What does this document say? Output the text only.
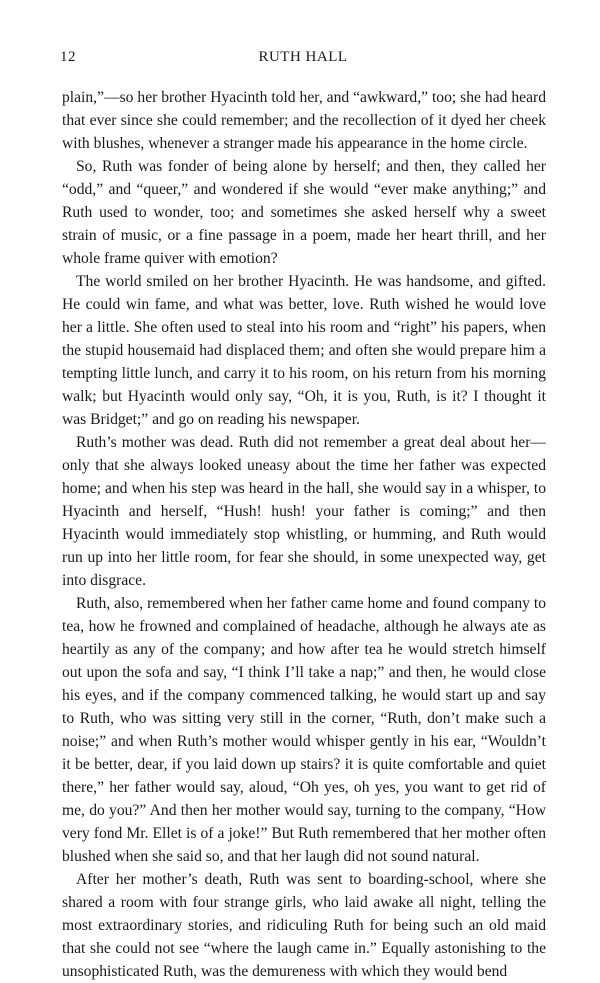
12	RUTH HALL

plain,”—so her brother Hyacinth told her, and “awkward,” too; she had heard that ever since she could remember; and the recollection of it dyed her cheek with blushes, whenever a stranger made his appearance in the home circle.

So, Ruth was fonder of being alone by herself; and then, they called her “odd,” and “queer,” and wondered if she would “ever make anything;” and Ruth used to wonder, too; and sometimes she asked herself why a sweet strain of music, or a fine passage in a poem, made her heart thrill, and her whole frame quiver with emotion?

The world smiled on her brother Hyacinth. He was handsome, and gifted. He could win fame, and what was better, love. Ruth wished he would love her a little. She often used to steal into his room and “right” his papers, when the stupid housemaid had displaced them; and often she would prepare him a tempting little lunch, and carry it to his room, on his return from his morning walk; but Hyacinth would only say, “Oh, it is you, Ruth, is it? I thought it was Bridget;” and go on reading his newspaper.

Ruth’s mother was dead. Ruth did not remember a great deal about her—only that she always looked uneasy about the time her father was expected home; and when his step was heard in the hall, she would say in a whisper, to Hyacinth and herself, “Hush! hush! your father is coming;” and then Hyacinth would immediately stop whistling, or humming, and Ruth would run up into her little room, for fear she should, in some unexpected way, get into disgrace.

Ruth, also, remembered when her father came home and found company to tea, how he frowned and complained of headache, although he always ate as heartily as any of the company; and how after tea he would stretch himself out upon the sofa and say, “I think I’ll take a nap;” and then, he would close his eyes, and if the company commenced talking, he would start up and say to Ruth, who was sitting very still in the corner, “Ruth, don’t make such a noise;” and when Ruth’s mother would whisper gently in his ear, “Wouldn’t it be better, dear, if you laid down up stairs? it is quite comfortable and quiet there,” her father would say, aloud, “Oh yes, oh yes, you want to get rid of me, do you?” And then her mother would say, turning to the company, “How very fond Mr. Ellet is of a joke!” But Ruth remembered that her mother often blushed when she said so, and that her laugh did not sound natural.

After her mother’s death, Ruth was sent to boarding-school, where she shared a room with four strange girls, who laid awake all night, telling the most extraordinary stories, and ridiculing Ruth for being such an old maid that she could not see “where the laugh came in.” Equally astonishing to the unsophisticated Ruth, was the demureness with which they would bend
